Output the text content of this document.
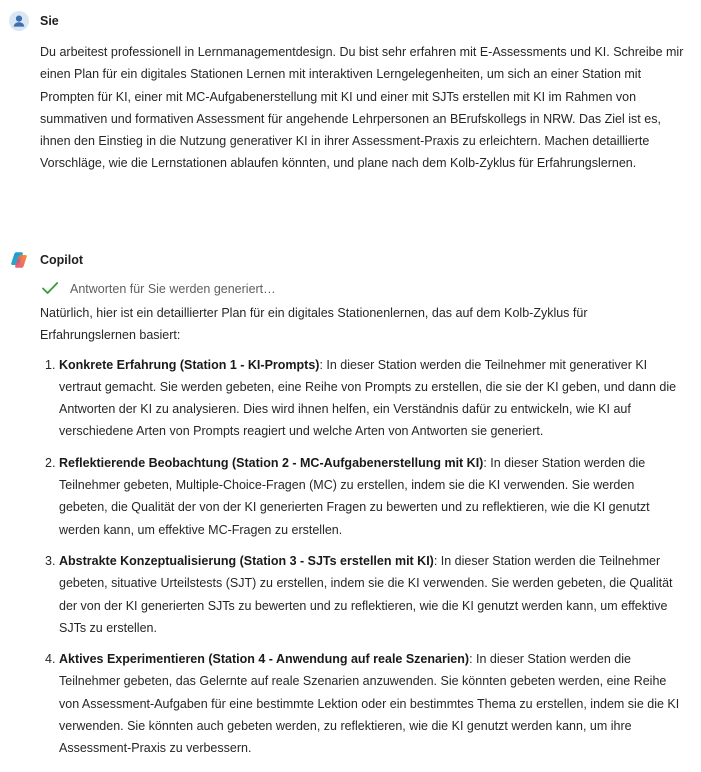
Sie
Du arbeitest professionell in Lernmanagementdesign. Du bist sehr erfahren mit E-Assessments und KI. Schreibe mir einen Plan für ein digitales Stationen Lernen mit interaktiven Lerngelegenheiten, um sich an einer Station mit Prompten für KI, einer mit MC-Aufgabenerstellung mit KI und einer mit SJTs erstellen mit KI im Rahmen von summativen und formativen Assessment für angehende Lehrpersonen an BErufskollegs in NRW. Das Ziel ist es, ihnen den Einstieg in die Nutzung generativer KI in ihrer Assessment-Praxis zu erleichtern. Machen detaillierte Vorschläge, wie die Lernstationen ablaufen könnten, und plane nach dem Kolb-Zyklus für Erfahrungslernen.
Copilot
Antworten für Sie werden generiert…
Natürlich, hier ist ein detaillierter Plan für ein digitales Stationenlernen, das auf dem Kolb-Zyklus für Erfahrungslernen basiert:
1. Konkrete Erfahrung (Station 1 - KI-Prompts): In dieser Station werden die Teilnehmer mit generativer KI vertraut gemacht. Sie werden gebeten, eine Reihe von Prompts zu erstellen, die sie der KI geben, und dann die Antworten der KI zu analysieren. Dies wird ihnen helfen, ein Verständnis dafür zu entwickeln, wie KI auf verschiedene Arten von Prompts reagiert und welche Arten von Antworten sie generiert.
2. Reflektierende Beobachtung (Station 2 - MC-Aufgabenerstellung mit KI): In dieser Station werden die Teilnehmer gebeten, Multiple-Choice-Fragen (MC) zu erstellen, indem sie die KI verwenden. Sie werden gebeten, die Qualität der von der KI generierten Fragen zu bewerten und zu reflektieren, wie die KI genutzt werden kann, um effektive MC-Fragen zu erstellen.
3. Abstrakte Konzeptualisierung (Station 3 - SJTs erstellen mit KI): In dieser Station werden die Teilnehmer gebeten, situative Urteilstests (SJT) zu erstellen, indem sie die KI verwenden. Sie werden gebeten, die Qualität der von der KI generierten SJTs zu bewerten und zu reflektieren, wie die KI genutzt werden kann, um effektive SJTs zu erstellen.
4. Aktives Experimentieren (Station 4 - Anwendung auf reale Szenarien): In dieser Station werden die Teilnehmer gebeten, das Gelernte auf reale Szenarien anzuwenden. Sie könnten gebeten werden, eine Reihe von Assessment-Aufgaben für eine bestimmte Lektion oder ein bestimmtes Thema zu erstellen, indem sie die KI verwenden. Sie könnten auch gebeten werden, zu reflektieren, wie die KI genutzt werden kann, um ihre Assessment-Praxis zu verbessern.
